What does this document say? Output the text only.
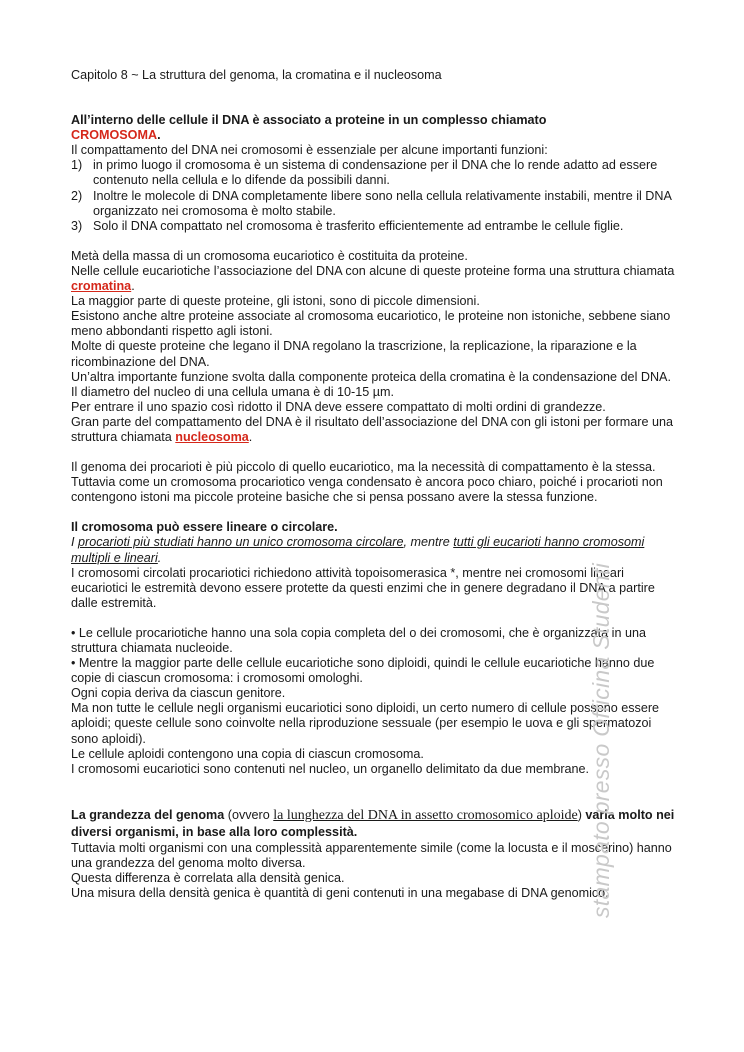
Capitolo 8 ~ La struttura del genoma, la cromatina e il nucleosoma

All’interno delle cellule il DNA è associato a proteine in un complesso chiamato
CROMOSOMA.

Il compattamento del DNA nei cromosomi è essenziale per alcune importanti funzioni:

1) in primo luogo il cromosoma è un sistema di condensazione per il DNA che lo rende adatto ad essere contenuto nella cellula e lo difende da possibili danni.
2) Inoltre le molecole di DNA completamente libere sono nella cellula relativamente instabili, mentre il DNA organizzato nei cromosoma è molto stabile.
3) Solo il DNA compattato nel cromosoma è trasferito efficientemente ad entrambe le cellule figlie.

Metà della massa di un cromosoma eucariotico è costituita da proteine.

Nelle cellule eucariotiche l’associazione del DNA con alcune di queste proteine forma una struttura chiamata cromatina.

La maggior parte di queste proteine, gli istoni, sono di piccole dimensioni.

Esistono anche altre proteine associate al cromosoma eucariotico, le proteine non istoniche, sebbene siano meno abbondanti rispetto agli istoni.

Molte di queste proteine che legano il DNA regolano la trascrizione, la replicazione, la riparazione e la ricombinazione del DNA.

Un’altra importante funzione svolta dalla componente proteica della cromatina è la condensazione del DNA.

Il diametro del nucleo di una cellula umana è di 10-15 µm.

Per entrare il uno spazio così ridotto il DNA deve essere compattato di molti ordini di grandezze.

Gran parte del compattamento del DNA è il risultato dell’associazione del DNA con gli istoni per formare una struttura chiamata nucleosoma.

Il genoma dei procarioti è più piccolo di quello eucariotico, ma la necessità di compattamento è la stessa.

Tuttavia come un cromosoma procariotico venga condensato è ancora poco chiaro, poiché i procarioti non contengono istoni ma piccole proteine basiche che si pensa possano avere la stessa funzione.

Il cromosoma può essere lineare o circolare.

I procarioti più studiati hanno un unico cromosoma circolare, mentre tutti gli eucarioti hanno cromosomi multipli e lineari.

I cromosomi circolati procariotici richiedono attività topoisomerasica *, mentre nei cromosomi lineari eucariotici le estremità devono essere protette da questi enzimi che in genere degradano il DNA a partire dalle estremità.

• Le cellule procariotiche hanno una sola copia completa del o dei cromosomi, che è organizzata in una struttura chiamata nucleoide.

• Mentre la maggior parte delle cellule eucariotiche sono diploidi, quindi le cellule eucariotiche hanno due copie di ciascun cromosoma: i cromosomi omologhi.

Ogni copia deriva da ciascun genitore.

Ma non tutte le cellule negli organismi eucariotici sono diploidi, un certo numero di cellule possono essere aploidi; queste cellule sono coinvolte nella riproduzione sessuale (per esempio le uova e gli spermatozoi sono aploidi).

Le cellule aploidi contengono una copia di ciascun cromosoma.

I cromosomi eucariotici sono contenuti nel nucleo, un organello delimitato da due membrane.

La grandezza del genoma (ovvero la lunghezza del DNA in assetto cromosomico aploide) varia molto nei diversi organismi, in base alla loro complessità.

Tuttavia molti organismi con una complessità apparentemente simile (come la locusta e il moscerino) hanno una grandezza del genoma molto diversa.

Questa differenza è correlata alla densità genica.

Una misura della densità genica è quantità di geni contenuti in una megabase di DNA genomico.

stampato presso Officina Studenti
